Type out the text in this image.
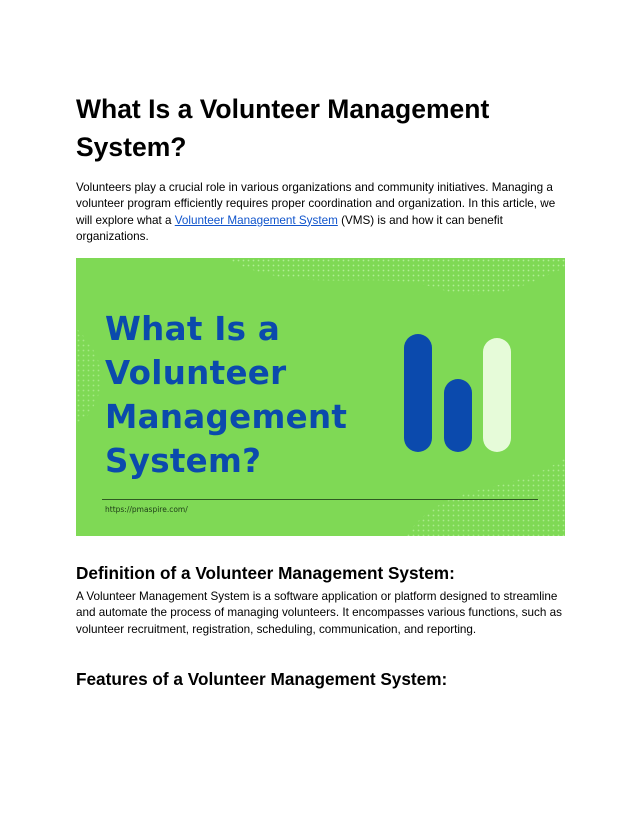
What Is a Volunteer Management System?

Volunteers play a crucial role in various organizations and community initiatives. Managing a volunteer program efficiently requires proper coordination and organization. In this article, we will explore what a Volunteer Management System (VMS) is and how it can benefit organizations.

What Is a
Volunteer
Management
System?
https://pmaspire.com/
Definition of a Volunteer Management System:

A Volunteer Management System is a software application or platform designed to streamline and automate the process of managing volunteers. It encompasses various functions, such as volunteer recruitment, registration, scheduling, communication, and reporting.

Features of a Volunteer Management System:
